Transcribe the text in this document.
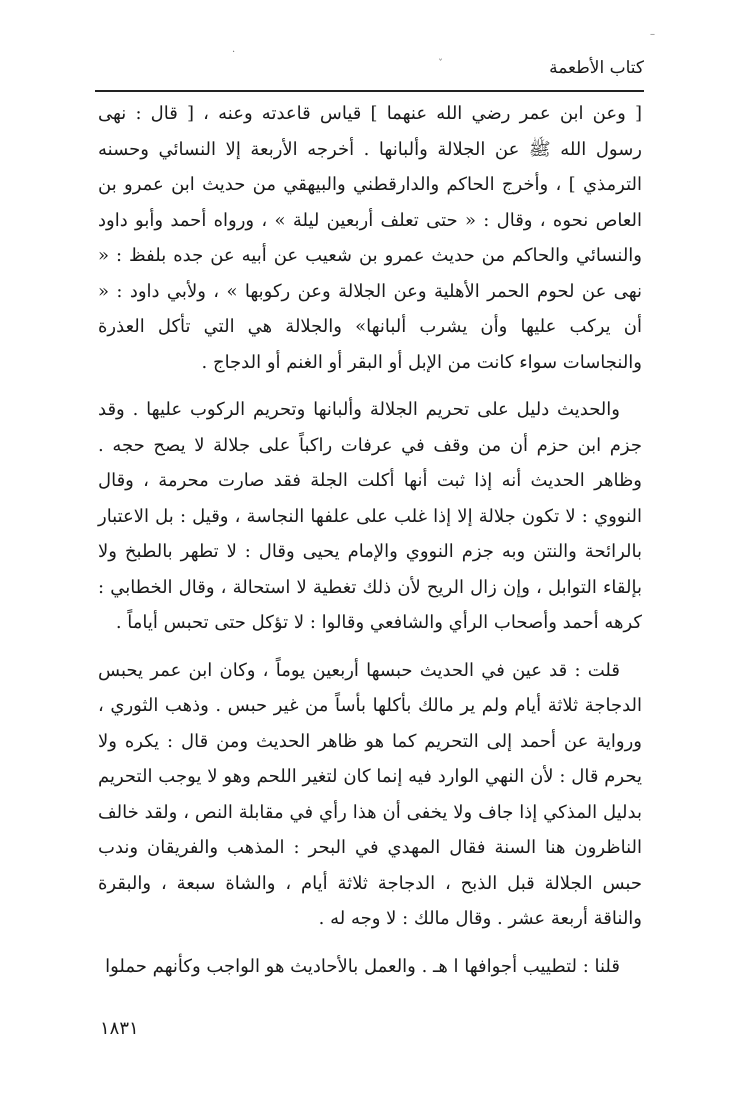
–
·
ˇ	كتاب الأطعمة

[ وعن ابن عمر رضي الله عنهما ] قياس قاعدته وعنه ، [ قال : نهى رسول الله ﷺ عن الجلالة وألبانها . أخرجه الأربعة إلا النسائي وحسنه الترمذي ] ، وأخرج الحاكم والدارقطني والبيهقي من حديث ابن عمرو بن العاص نحوه ، وقال : « حتى تعلف أربعين ليلة » ، ورواه أحمد وأبو داود والنسائي والحاكم من حديث عمرو بن شعيب عن أبيه عن جده بلفظ : « نهى عن لحوم الحمر الأهلية وعن الجلالة وعن ركوبها » ، ولأبي داود : « أن يركب عليها وأن يشرب ألبانها» والجلالة هي التي تأكل العذرة والنجاسات سواء كانت من الإبل أو البقر أو الغنم أو الدجاج .

والحديث دليل على تحريم الجلالة وألبانها وتحريم الركوب عليها . وقد جزم ابن حزم أن من وقف في عرفات راكباً على جلالة لا يصح حجه . وظاهر الحديث أنه إذا ثبت أنها أكلت الجلة فقد صارت محرمة ، وقال النووي : لا تكون جلالة إلا إذا غلب على علفها النجاسة ، وقيل : بل الاعتبار بالرائحة والنتن وبه جزم النووي والإمام يحيى وقال : لا تطهر بالطبخ ولا بإلقاء التوابل ، وإن زال الريح لأن ذلك تغطية لا استحالة ، وقال الخطابي : كرهه أحمد وأصحاب الرأي والشافعي وقالوا : لا تؤكل حتى تحبس أياماً .

قلت : قد عين في الحديث حبسها أربعين يوماً ، وكان ابن عمر يحبس الدجاجة ثلاثة أيام ولم ير مالك بأكلها بأساً من غير حبس . وذهب الثوري ، ورواية عن أحمد إلى التحريم كما هو ظاهر الحديث ومن قال : يكره ولا يحرم قال : لأن النهي الوارد فيه إنما كان لتغير اللحم وهو لا يوجب التحريم بدليل المذكي إذا جاف ولا يخفى أن هذا رأي في مقابلة النص ، ولقد خالف الناظرون هنا السنة فقال المهدي في البحر : المذهب والفريقان وندب حبس الجلالة قبل الذبح ، الدجاجة ثلاثة أيام ، والشاة سبعة ، والبقرة والناقة أربعة عشر . وقال مالك : لا وجه له .

قلنا : لتطييب أجوافها ا هـ . والعمل بالأحاديث هو الواجب وكأنهم حملوا

١٨٣١
